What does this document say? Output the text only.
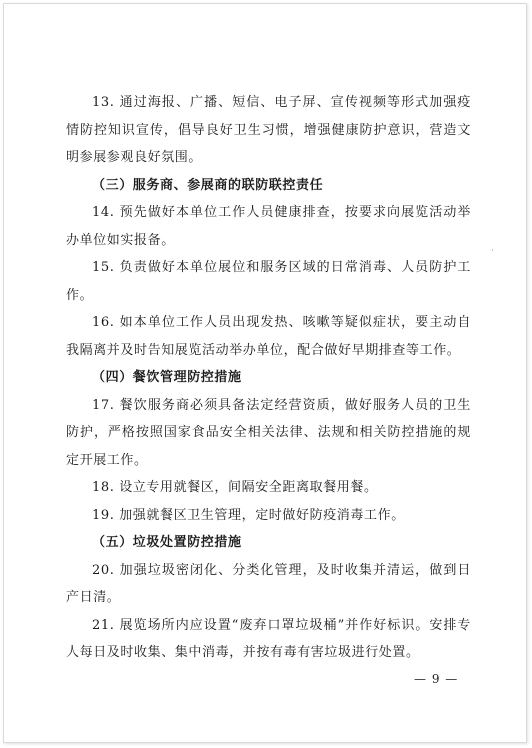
13. 通过海报、广播、短信、电子屏、宣传视频等形式加强疫情防控知识宣传，倡导良好卫生习惯，增强健康防护意识，营造文明参展参观良好氛围。

（三）服务商、参展商的联防联控责任

14. 预先做好本单位工作人员健康排查，按要求向展览活动举办单位如实报备。

15. 负责做好本单位展位和服务区域的日常消毒、人员防护工作。

16. 如本单位工作人员出现发热、咳嗽等疑似症状，要主动自我隔离并及时告知展览活动举办单位，配合做好早期排查等工作。

（四）餐饮管理防控措施

17. 餐饮服务商必须具备法定经营资质，做好服务人员的卫生防护，严格按照国家食品安全相关法律、法规和相关防控措施的规定开展工作。

18. 设立专用就餐区，间隔安全距离取餐用餐。

19. 加强就餐区卫生管理，定时做好防疫消毒工作。

（五）垃圾处置防控措施

20. 加强垃圾密闭化、分类化管理，及时收集并清运，做到日产日清。

21. 展览场所内应设置“废弃口罩垃圾桶”并作好标识。安排专人每日及时收集、集中消毒，并按有毒有害垃圾进行处置。

— 9 —
